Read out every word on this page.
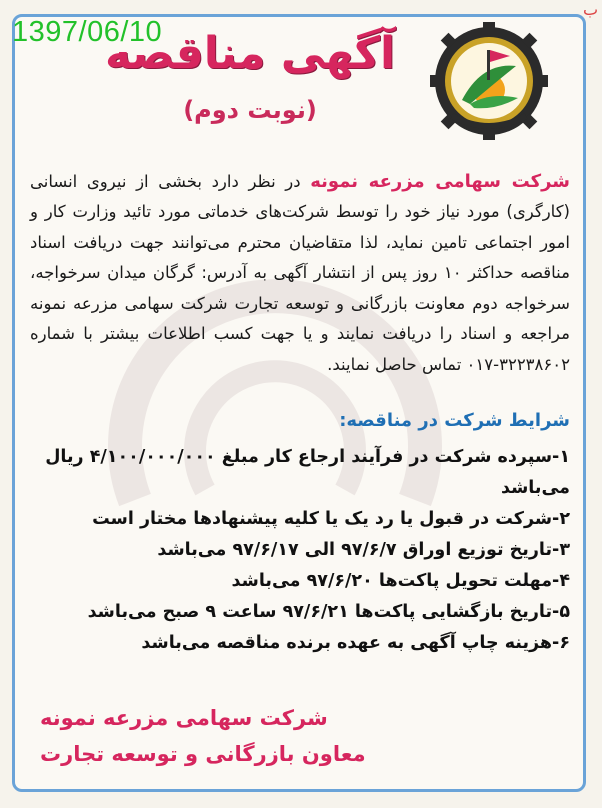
1397/06/10
ب
آگهی مناقصه
(نوبت دوم)

شرکت سهامی مزرعه نمونه در نظر دارد بخشی از نیروی انسانی (کارگری) مورد نیاز خود را توسط شرکت‌های خدماتی مورد تائید وزارت کار و امور اجتماعی تامین نماید، لذا متقاضیان محترم می‌توانند جهت دریافت اسناد مناقصه حداکثر ۱۰ روز پس از انتشار آگهی به آدرس: گرگان میدان سرخواجه، سرخواجه دوم معاونت بازرگانی و توسعه تجارت شرکت سهامی مزرعه نمونه مراجعه و اسناد را دریافت نمایند و یا جهت کسب اطلاعات بیشتر با شماره ۳۲۲۳۸۶۰۲-۰۱۷ تماس حاصل نمایند.

شرایط شرکت در مناقصه:
۱-سپرده شرکت در فرآیند ارجاع کار مبلغ ۴/۱۰۰/۰۰۰/۰۰۰ ریال می‌باشد
۲-شرکت در قبول یا رد یک یا کلیه پیشنهادها مختار است
۳-تاریخ توزیع اوراق ۹۷/۶/۷ الی ۹۷/۶/۱۷ می‌باشد
۴-مهلت تحویل پاکت‌ها ۹۷/۶/۲۰ می‌باشد
۵-تاریخ بازگشایی پاکت‌ها ۹۷/۶/۲۱ ساعت ۹ صبح می‌باشد
۶-هزینه چاپ آگهی به عهده برنده مناقصه می‌باشد
شرکت سهامی مزرعه نمونه
معاون بازرگانی و توسعه تجارت
